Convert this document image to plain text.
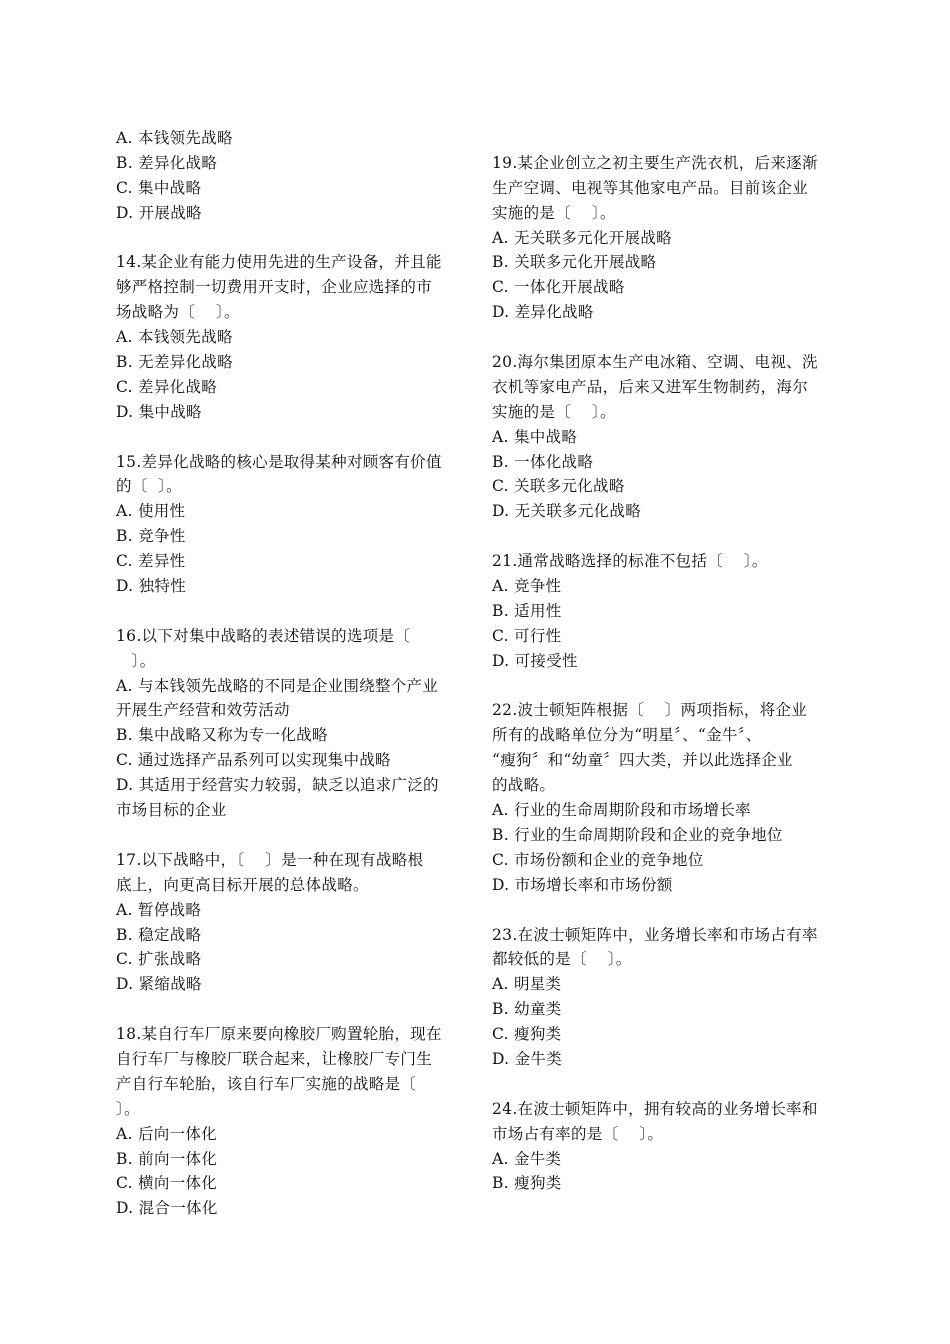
A. 本钱领先战略
B. 差异化战略
C. 集中战略
D. 开展战略
14.某企业有能力使用先进的生产设备，并且能
够严格控制一切费用开支时，企业应选择的市
场战略为〔    〕。
A. 本钱领先战略
B. 无差异化战略
C. 差异化战略
D. 集中战略
15.差异化战略的核心是取得某种对顾客有价值
的〔  〕。
A. 使用性
B. 竞争性
C. 差异性
D. 独特性
16.以下对集中战略的表述错误的选项是〔
〕。
A. 与本钱领先战略的不同是企业围绕整个产业
开展生产经营和效劳活动
B. 集中战略又称为专一化战略
C. 通过选择产品系列可以实现集中战略
D. 其适用于经营实力较弱，缺乏以追求广泛的
市场目标的企业
17.以下战略中，〔    〕是一种在现有战略根
底上，向更高目标开展的总体战略。
A. 暂停战略
B. 稳定战略
C. 扩张战略
D. 紧缩战略
18.某自行车厂原来要向橡胶厂购置轮胎，现在
自行车厂与橡胶厂联合起来，让橡胶厂专门生
产自行车轮胎，该自行车厂实施的战略是〔
〕。
A. 后向一体化
B. 前向一体化
C. 横向一体化
D. 混合一体化
19.某企业创立之初主要生产洗衣机，后来逐渐
生产空调、电视等其他家电产品。目前该企业
实施的是〔    〕。
A. 无关联多元化开展战略
B. 关联多元化开展战略
C. 一体化开展战略
D. 差异化战略
20.海尔集团原本生产电冰箱、空调、电视、洗
衣机等家电产品，后来又进军生物制药，海尔
实施的是〔    〕。
A. 集中战略
B. 一体化战略
C. 关联多元化战略
D. 无关联多元化战略
21.通常战略选择的标准不包括〔    〕。
A. 竞争性
B. 适用性
C. 可行性
D. 可接受性
22.波士顿矩阵根据〔    〕两项指标，将企业
所有的战略单位分为“明星〞、“金牛〞、
“瘦狗〞和“幼童〞四大类，并以此选择企业
的战略。
A. 行业的生命周期阶段和市场增长率
B. 行业的生命周期阶段和企业的竞争地位
C. 市场份额和企业的竞争地位
D. 市场增长率和市场份额
23.在波士顿矩阵中，业务增长率和市场占有率
都较低的是〔    〕。
A. 明星类
B. 幼童类
C. 瘦狗类
D. 金牛类
24.在波士顿矩阵中，拥有较高的业务增长率和
市场占有率的是〔    〕。
A. 金牛类
B. 瘦狗类
